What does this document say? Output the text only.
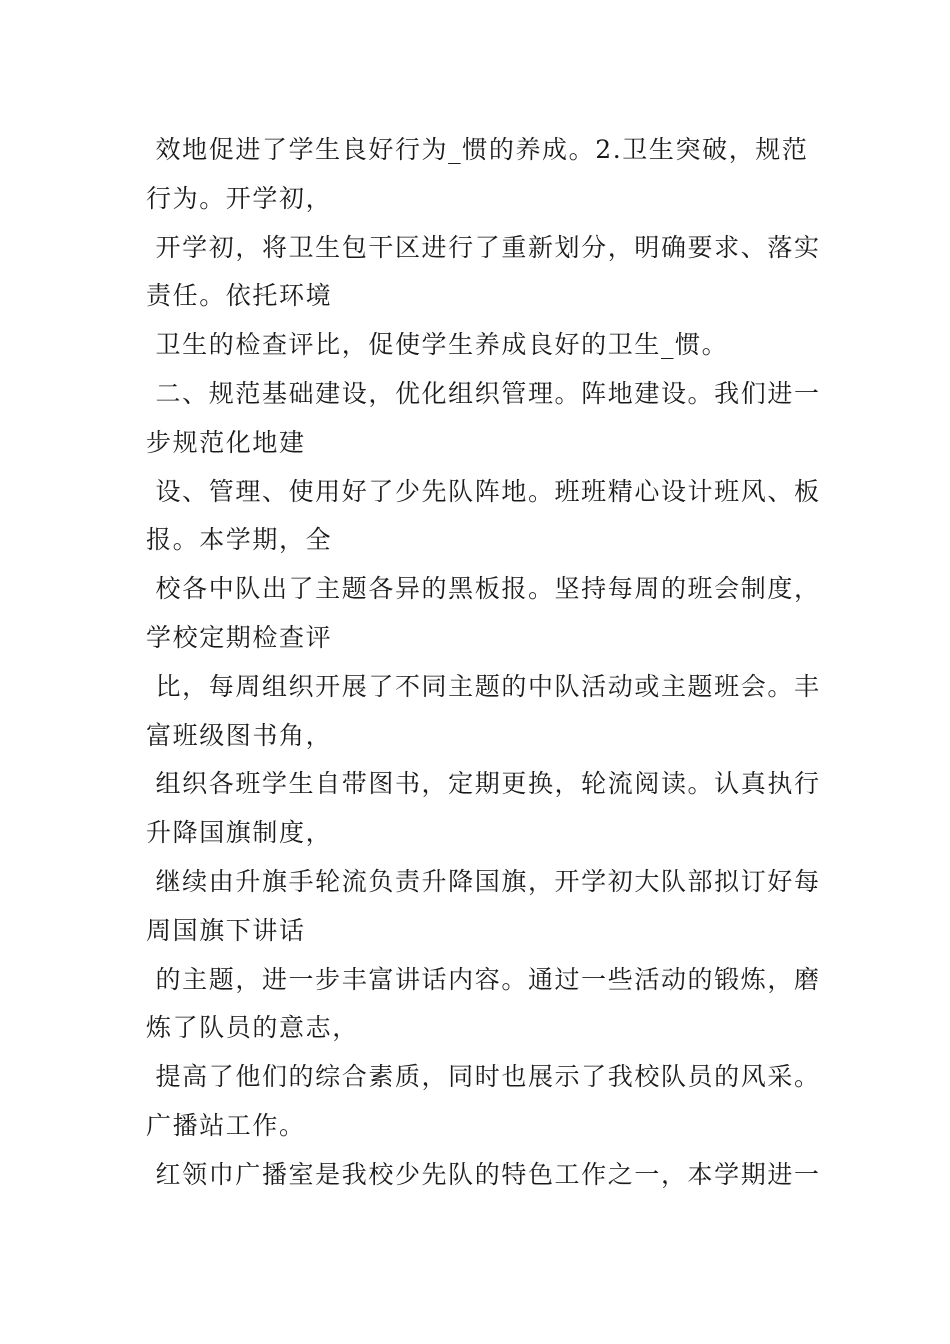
效地促进了学生良好行为_惯的养成。2.卫生突破，规范
行为。开学初，
开学初，将卫生包干区进行了重新划分，明确要求、落实
责任。依托环境
卫生的检查评比，促使学生养成良好的卫生_惯。
二、规范基础建设，优化组织管理。阵地建设。我们进一
步规范化地建
设、管理、使用好了少先队阵地。班班精心设计班风、板
报。本学期，全
校各中队出了主题各异的黑板报。坚持每周的班会制度，
学校定期检查评
比，每周组织开展了不同主题的中队活动或主题班会。丰
富班级图书角，
组织各班学生自带图书，定期更换，轮流阅读。认真执行
升降国旗制度，
继续由升旗手轮流负责升降国旗，开学初大队部拟订好每
周国旗下讲话
的主题，进一步丰富讲话内容。通过一些活动的锻炼，磨
炼了队员的意志，
提高了他们的综合素质，同时也展示了我校队员的风采。
广播站工作。
红领巾广播室是我校少先队的特色工作之一，本学期进一
